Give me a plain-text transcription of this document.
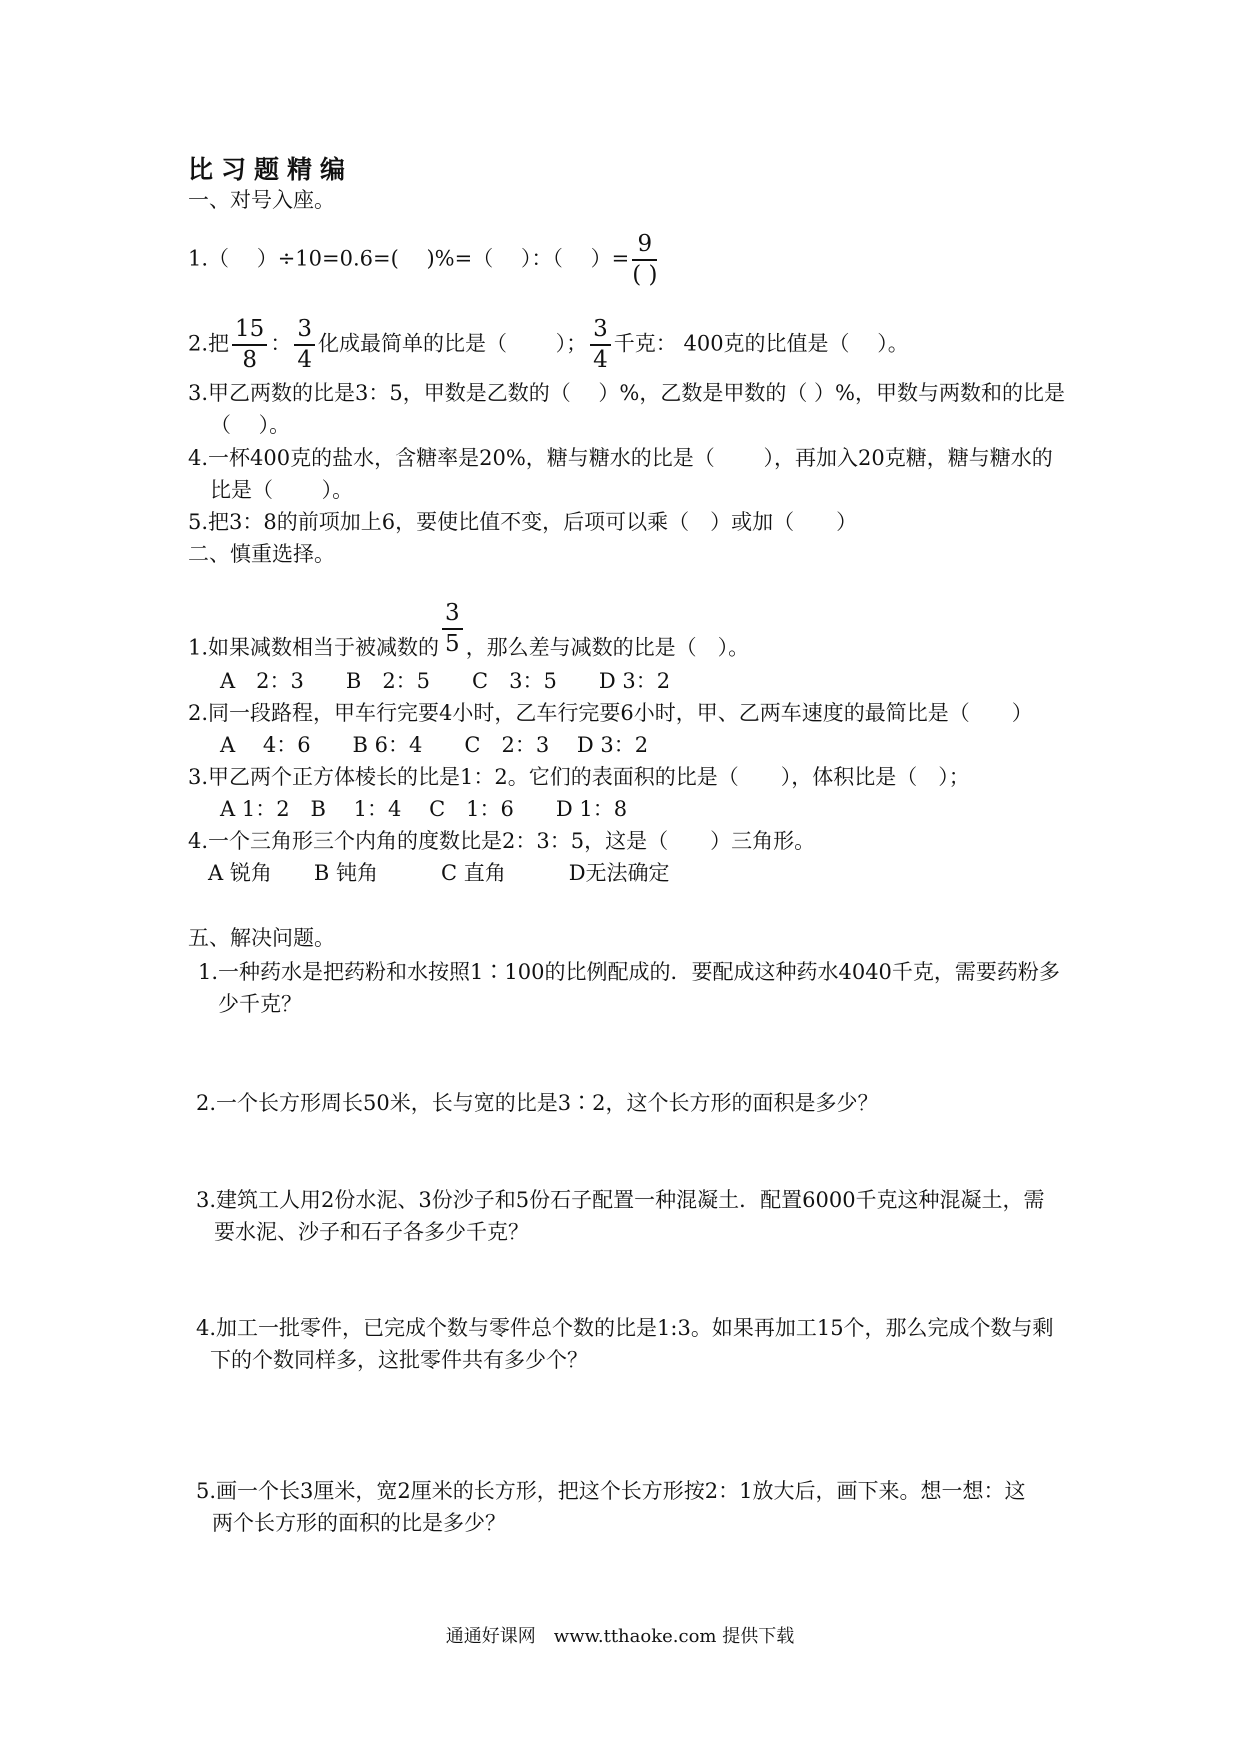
比习题精编
一、对号入座。
1.（　 ）÷10=0.6=(　 )%=（　 ）：（　 ）= $\frac{9}{( )}$
2.把 $\frac{15}{8}$ ： $\frac{3}{4}$ 化成最简单的比是（　　 ）； $\frac{3}{4}$ 千克： 400克的比值是（　 ）。
3.甲乙两数的比是3：5，甲数是乙数的（　 ）%，乙数是甲数的（ ）%，甲数与两数和的比是
（　 ）。
4.一杯400克的盐水，含糖率是20%，糖与糖水的比是（　　 ），再加入20克糖，糖与糖水的
比是（　　 ）。
5.把3：8的前项加上6，要使比值不变，后项可以乘（　）或加（　　）
二、慎重选择。
1.如果减数相当于被减数的 $\frac{3}{5}$ ，那么差与减数的比是（　）。
A　2：3　　B　2：5　　C　3：5　　D 3：2
2.同一段路程，甲车行完要4小时，乙车行完要6小时，甲、乙两车速度的最简比是（　　）
A　 4：6　　B 6：4　　C　2：3　 D 3：2
3.甲乙两个正方体棱长的比是1：2。它们的表面积的比是（　　），体积比是（　）；
A 1：2　B　 1：4　 C　1：6　　D 1：8
4.一个三角形三个内角的度数比是2：3：5，这是（　　）三角形。
A 锐角　　B 钝角　　　C 直角　　　D无法确定
五、解决问题。
1.一种药水是把药粉和水按照1∶100的比例配成的．要配成这种药水4040千克，需要药粉多
少千克？
2.一个长方形周长50米，长与宽的比是3∶2，这个长方形的面积是多少？
3.建筑工人用2份水泥、3份沙子和5份石子配置一种混凝土．配置6000千克这种混凝土，需
要水泥、沙子和石子各多少千克？
4.加工一批零件，已完成个数与零件总个数的比是1:3。如果再加工15个，那么完成个数与剩
下的个数同样多，这批零件共有多少个？
5.画一个长3厘米，宽2厘米的长方形，把这个长方形按2：1放大后，画下来。想一想：这
两个长方形的面积的比是多少？
通通好课网　www.tthaoke.com 提供下载
